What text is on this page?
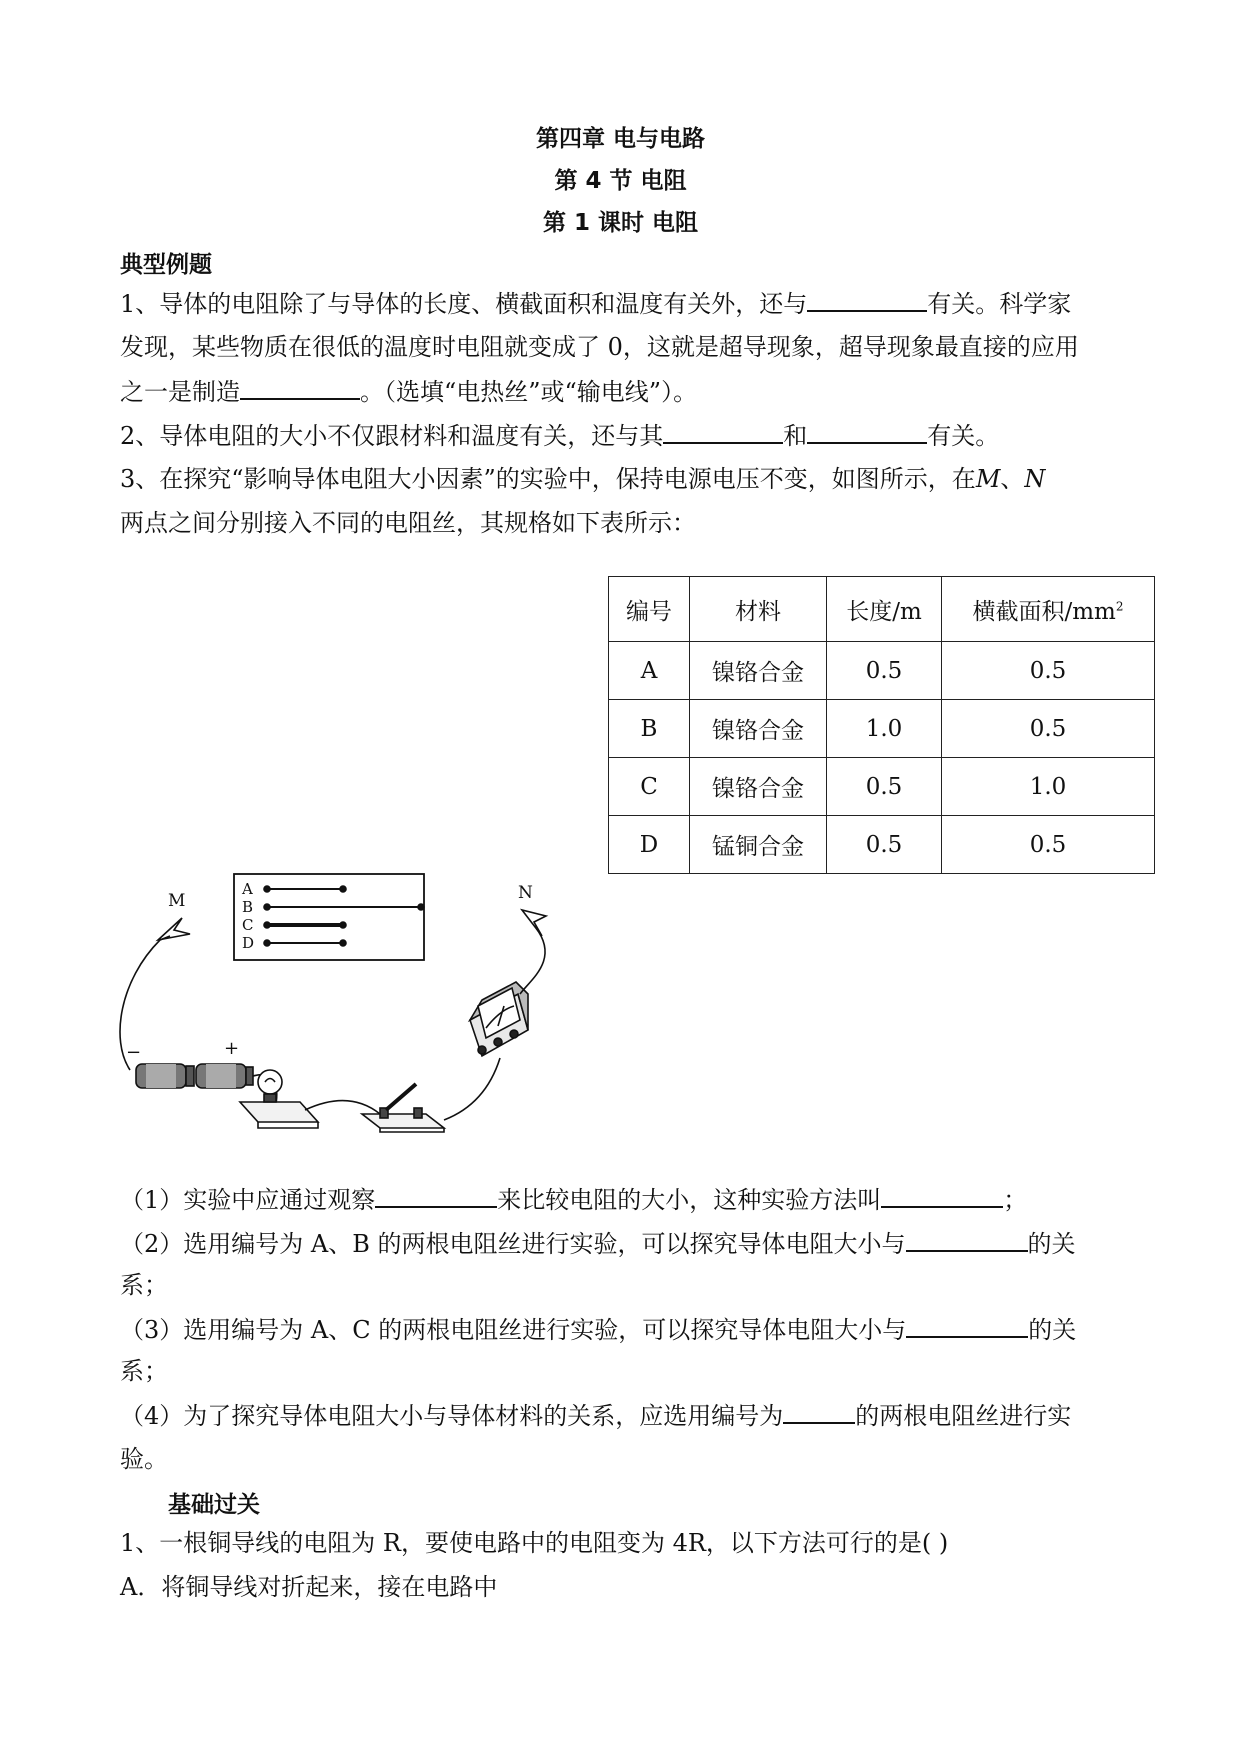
第四章 电与电路
第 4 节 电阻
第 1 课时 电阻
典型例题
1、导体的电阻除了与导体的长度、横截面积和温度有关外，还与	有关。科学家
发现，某些物质在很低的温度时电阻就变成了 0，这就是超导现象，超导现象最直接的应用
之一是制造	。（选填“电热丝”或“输电线”）。
2、导体电阻的大小不仅跟材料和温度有关，还与其	和	有关。
3、在探究“影响导体电阻大小因素”的实验中，保持电源电压不变，如图所示，在M、N
两点之间分别接入不同的电阻丝，其规格如下表所示：
编号	材料	长度/m	横截面积$/mm^2$
A	镍铬合金	0.5	0.5
B	镍铬合金	1.0	0.5
C	镍铬合金	0.5	1.0
D	锰铜合金	0.5	0.5
M	N
A
B
C
D
−	+
（1）实验中应通过观察	来比较电阻的大小，这种实验方法叫	；
（2）选用编号为 A、B 的两根电阻丝进行实验，可以探究导体电阻大小与	的关
系；
（3）选用编号为 A、C 的两根电阻丝进行实验，可以探究导体电阻大小与	的关
系；
（4）为了探究导体电阻大小与导体材料的关系，应选用编号为	的两根电阻丝进行实
验。
基础过关
1、一根铜导线的电阻为 R，要使电路中的电阻变为 4R，以下方法可行的是( )
A．将铜导线对折起来，接在电路中
